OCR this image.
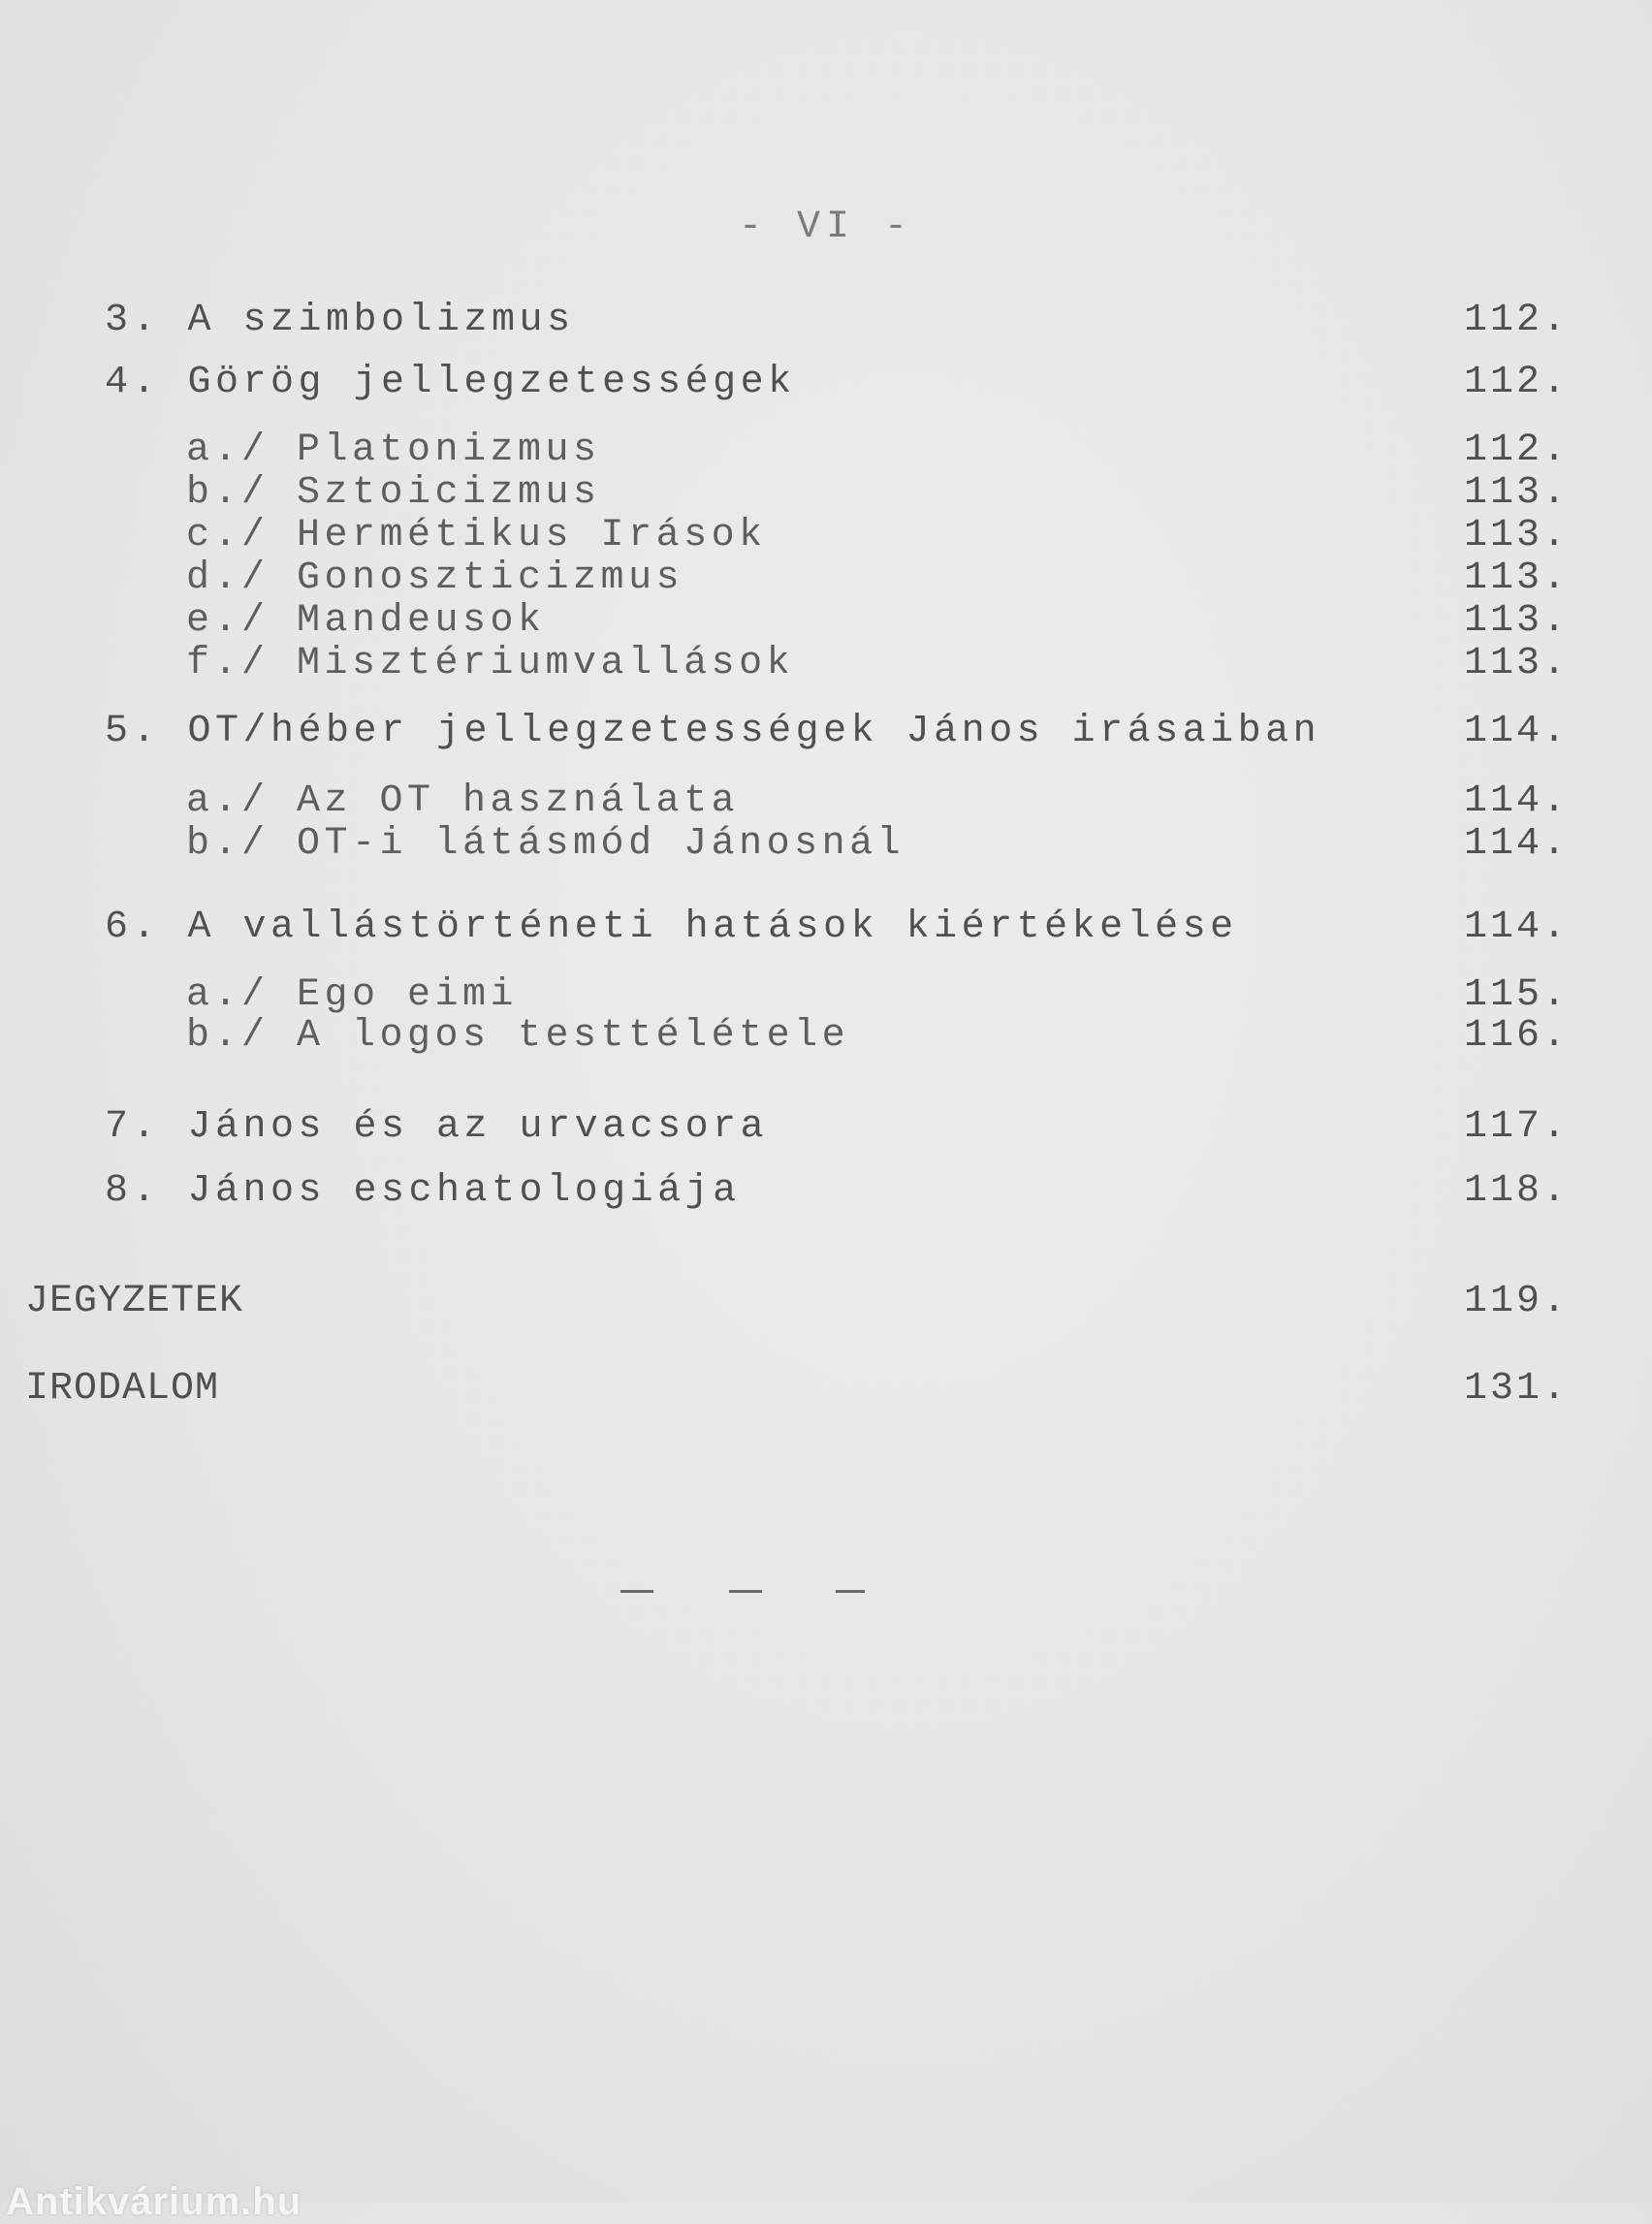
- VI -
3. A szimbolizmus	112.
4. Görög jellegzetességek	112.
a./ Platonizmus	112.
b./ Sztoicizmus	113.
c./ Hermétikus Irások	113.
d./ Gonoszticizmus	113.
e./ Mandeusok	113.
f./ Misztériumvallások	113.
5. OT/héber jellegzetességek János irásaiban	114.
a./ Az OT használata	114.
b./ OT-i látásmód Jánosnál	114.
6. A vallástörténeti hatások kiértékelése	114.
a./ Ego eimi	115.
b./ A logos testtélétele	116.
7. János és az urvacsora	117.
8. János eschatologiája	118.
JEGYZETEK	119.
IRODALOM	131.
Antikvárium.hu
